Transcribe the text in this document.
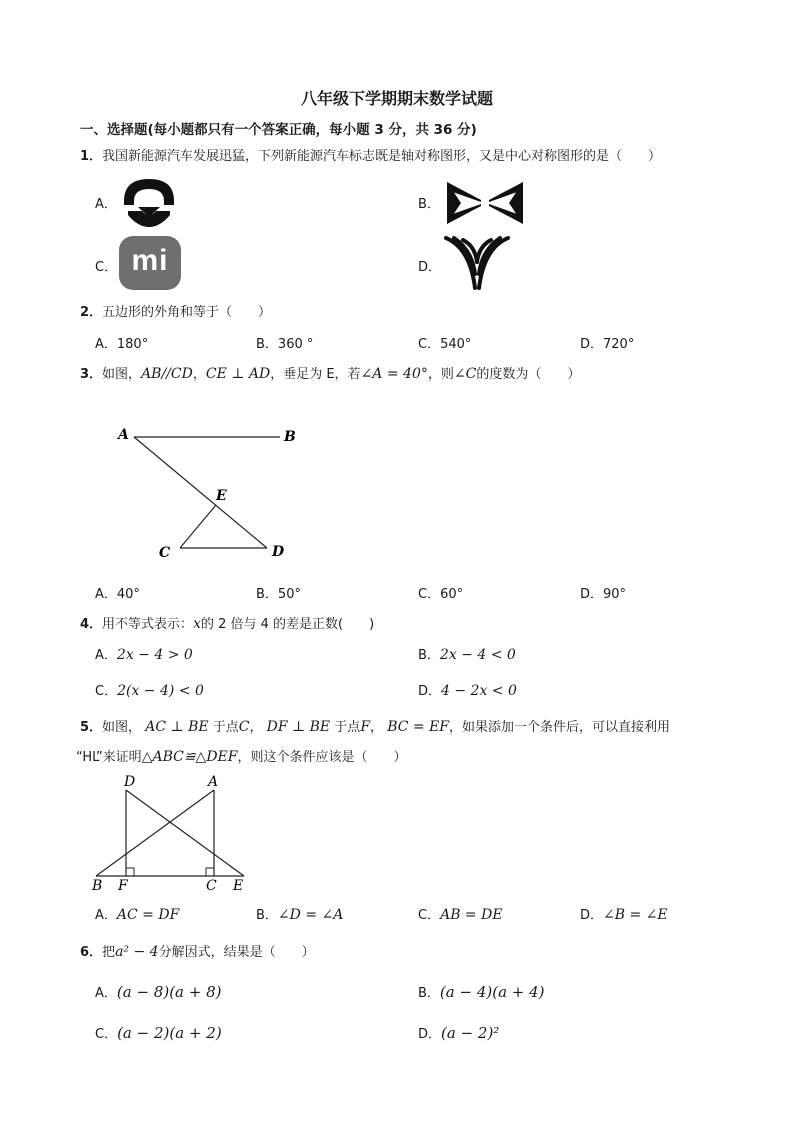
八年级下学期期末数学试题
一、选择题(每小题都只有一个答案正确，每小题 3 分，共 36 分)
1．我国新能源汽车发展迅猛，下列新能源汽车标志既是轴对称图形，又是中心对称图形的是（　　）
A．	B．
C． mi	D．
2．五边形的外角和等于（　　）
A．180°	B．360 °	C．540°	D．720°
3．如图，AB//CD，CE ⊥ AD，垂足为 E，若∠A = 40°，则∠C的度数为（　　）
A	B
E
C	D
A．40°	B．50°	C．60°	D．90°
4．用不等式表示：x的 2 倍与 4 的差是正数(　　)
A．2x − 4 > 0	B．2x − 4 < 0
C．2(x − 4) < 0	D．4 − 2x < 0
5．如图， AC ⊥ BE 于点C， DF ⊥ BE 于点F， BC = EF，如果添加一个条件后，可以直接利用
“HL”来证明△ABC≌△DEF，则这个条件应该是（　　）
D	A
B F	C E
A．AC = DF	B．∠D = ∠A	C．AB = DE	D．∠B = ∠E
6．把a² − 4分解因式，结果是（　　）
A．(a − 8)(a + 8)	B．(a − 4)(a + 4)
C．(a − 2)(a + 2)	D．(a − 2)²
